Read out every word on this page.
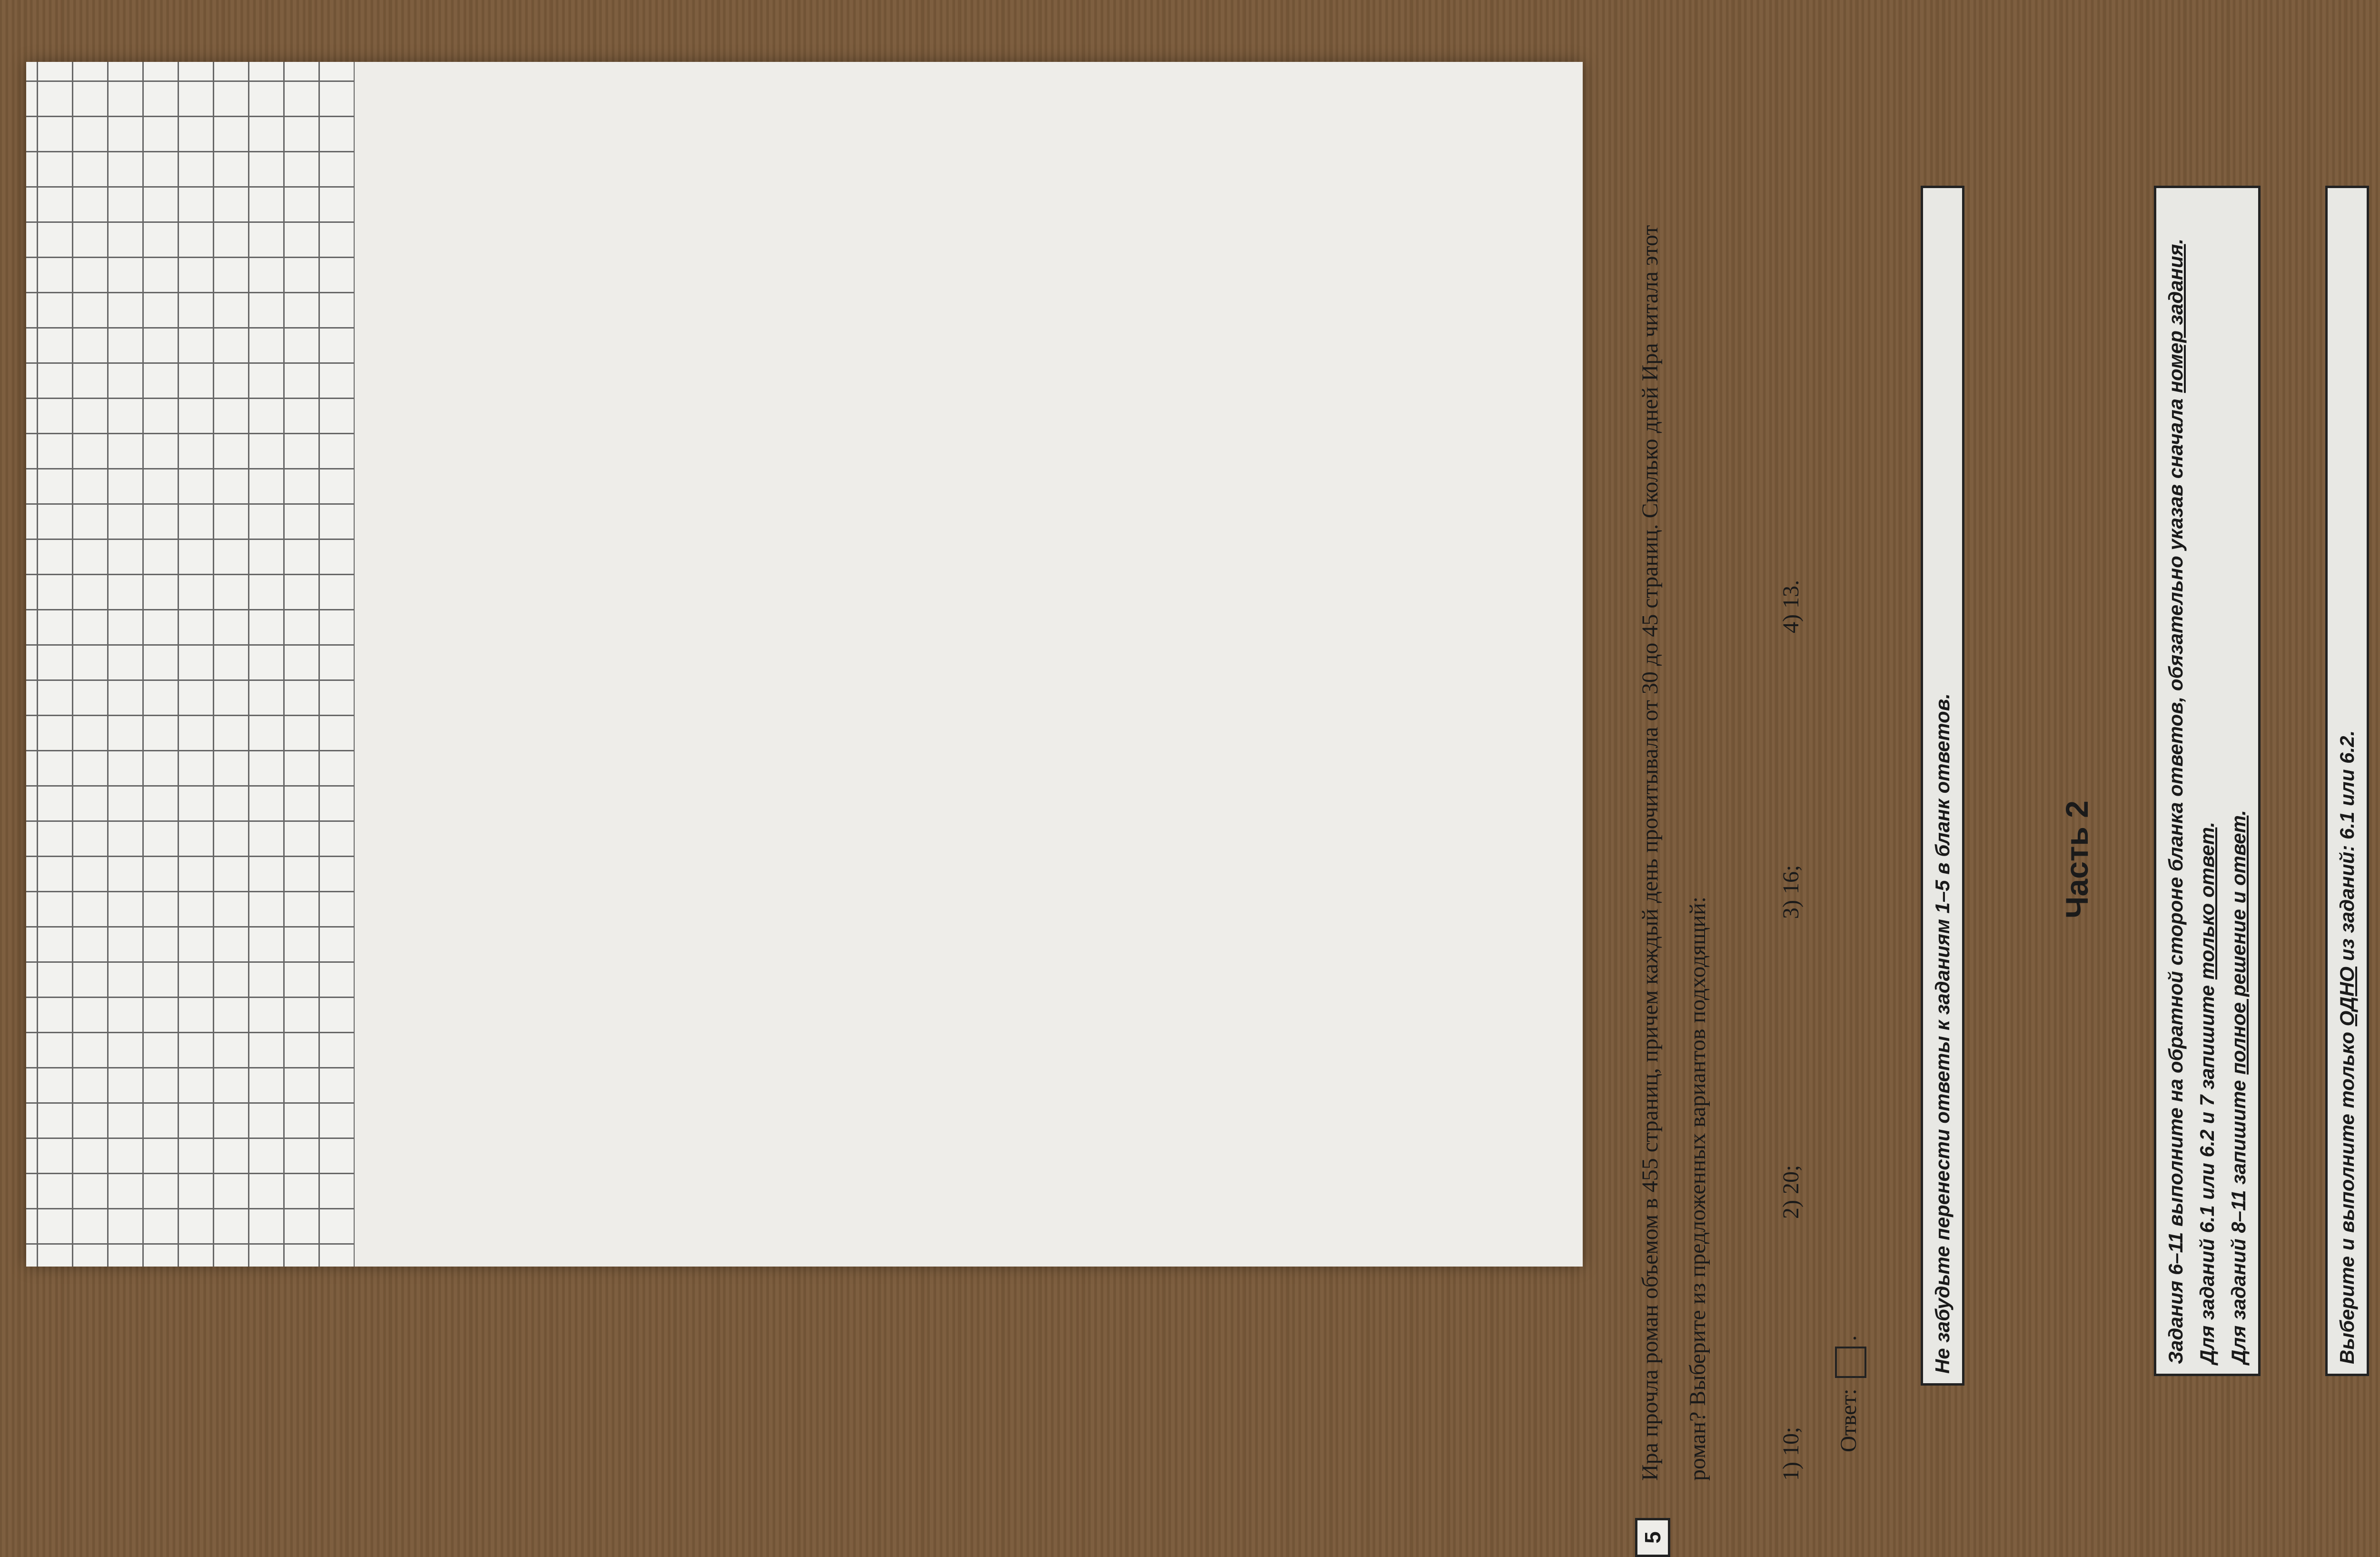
5
Ира прочла роман объемом в 455 страниц, причем каждый день прочитывала от 30 до 45 страниц. Сколько дней Ира читала этот роман? Выберите из предложенных вариантов подходящий:	1) 10;
2) 20;
3) 16;
4) 13.
Ответ:  .	Не забудьте перенести ответы к заданиям 1–5 в бланк ответов.	Часть 2	Задания 6–11 выполните на обратной стороне бланка ответов, обязательно указав сначала номер задания.

Для заданий 6.1 или 6.2 и 7 запишите только ответ.

Для заданий 8–11 запишите полное решение и ответ.

Выберите и выполните только ОДНО из заданий: 6.1 или 6.2.
